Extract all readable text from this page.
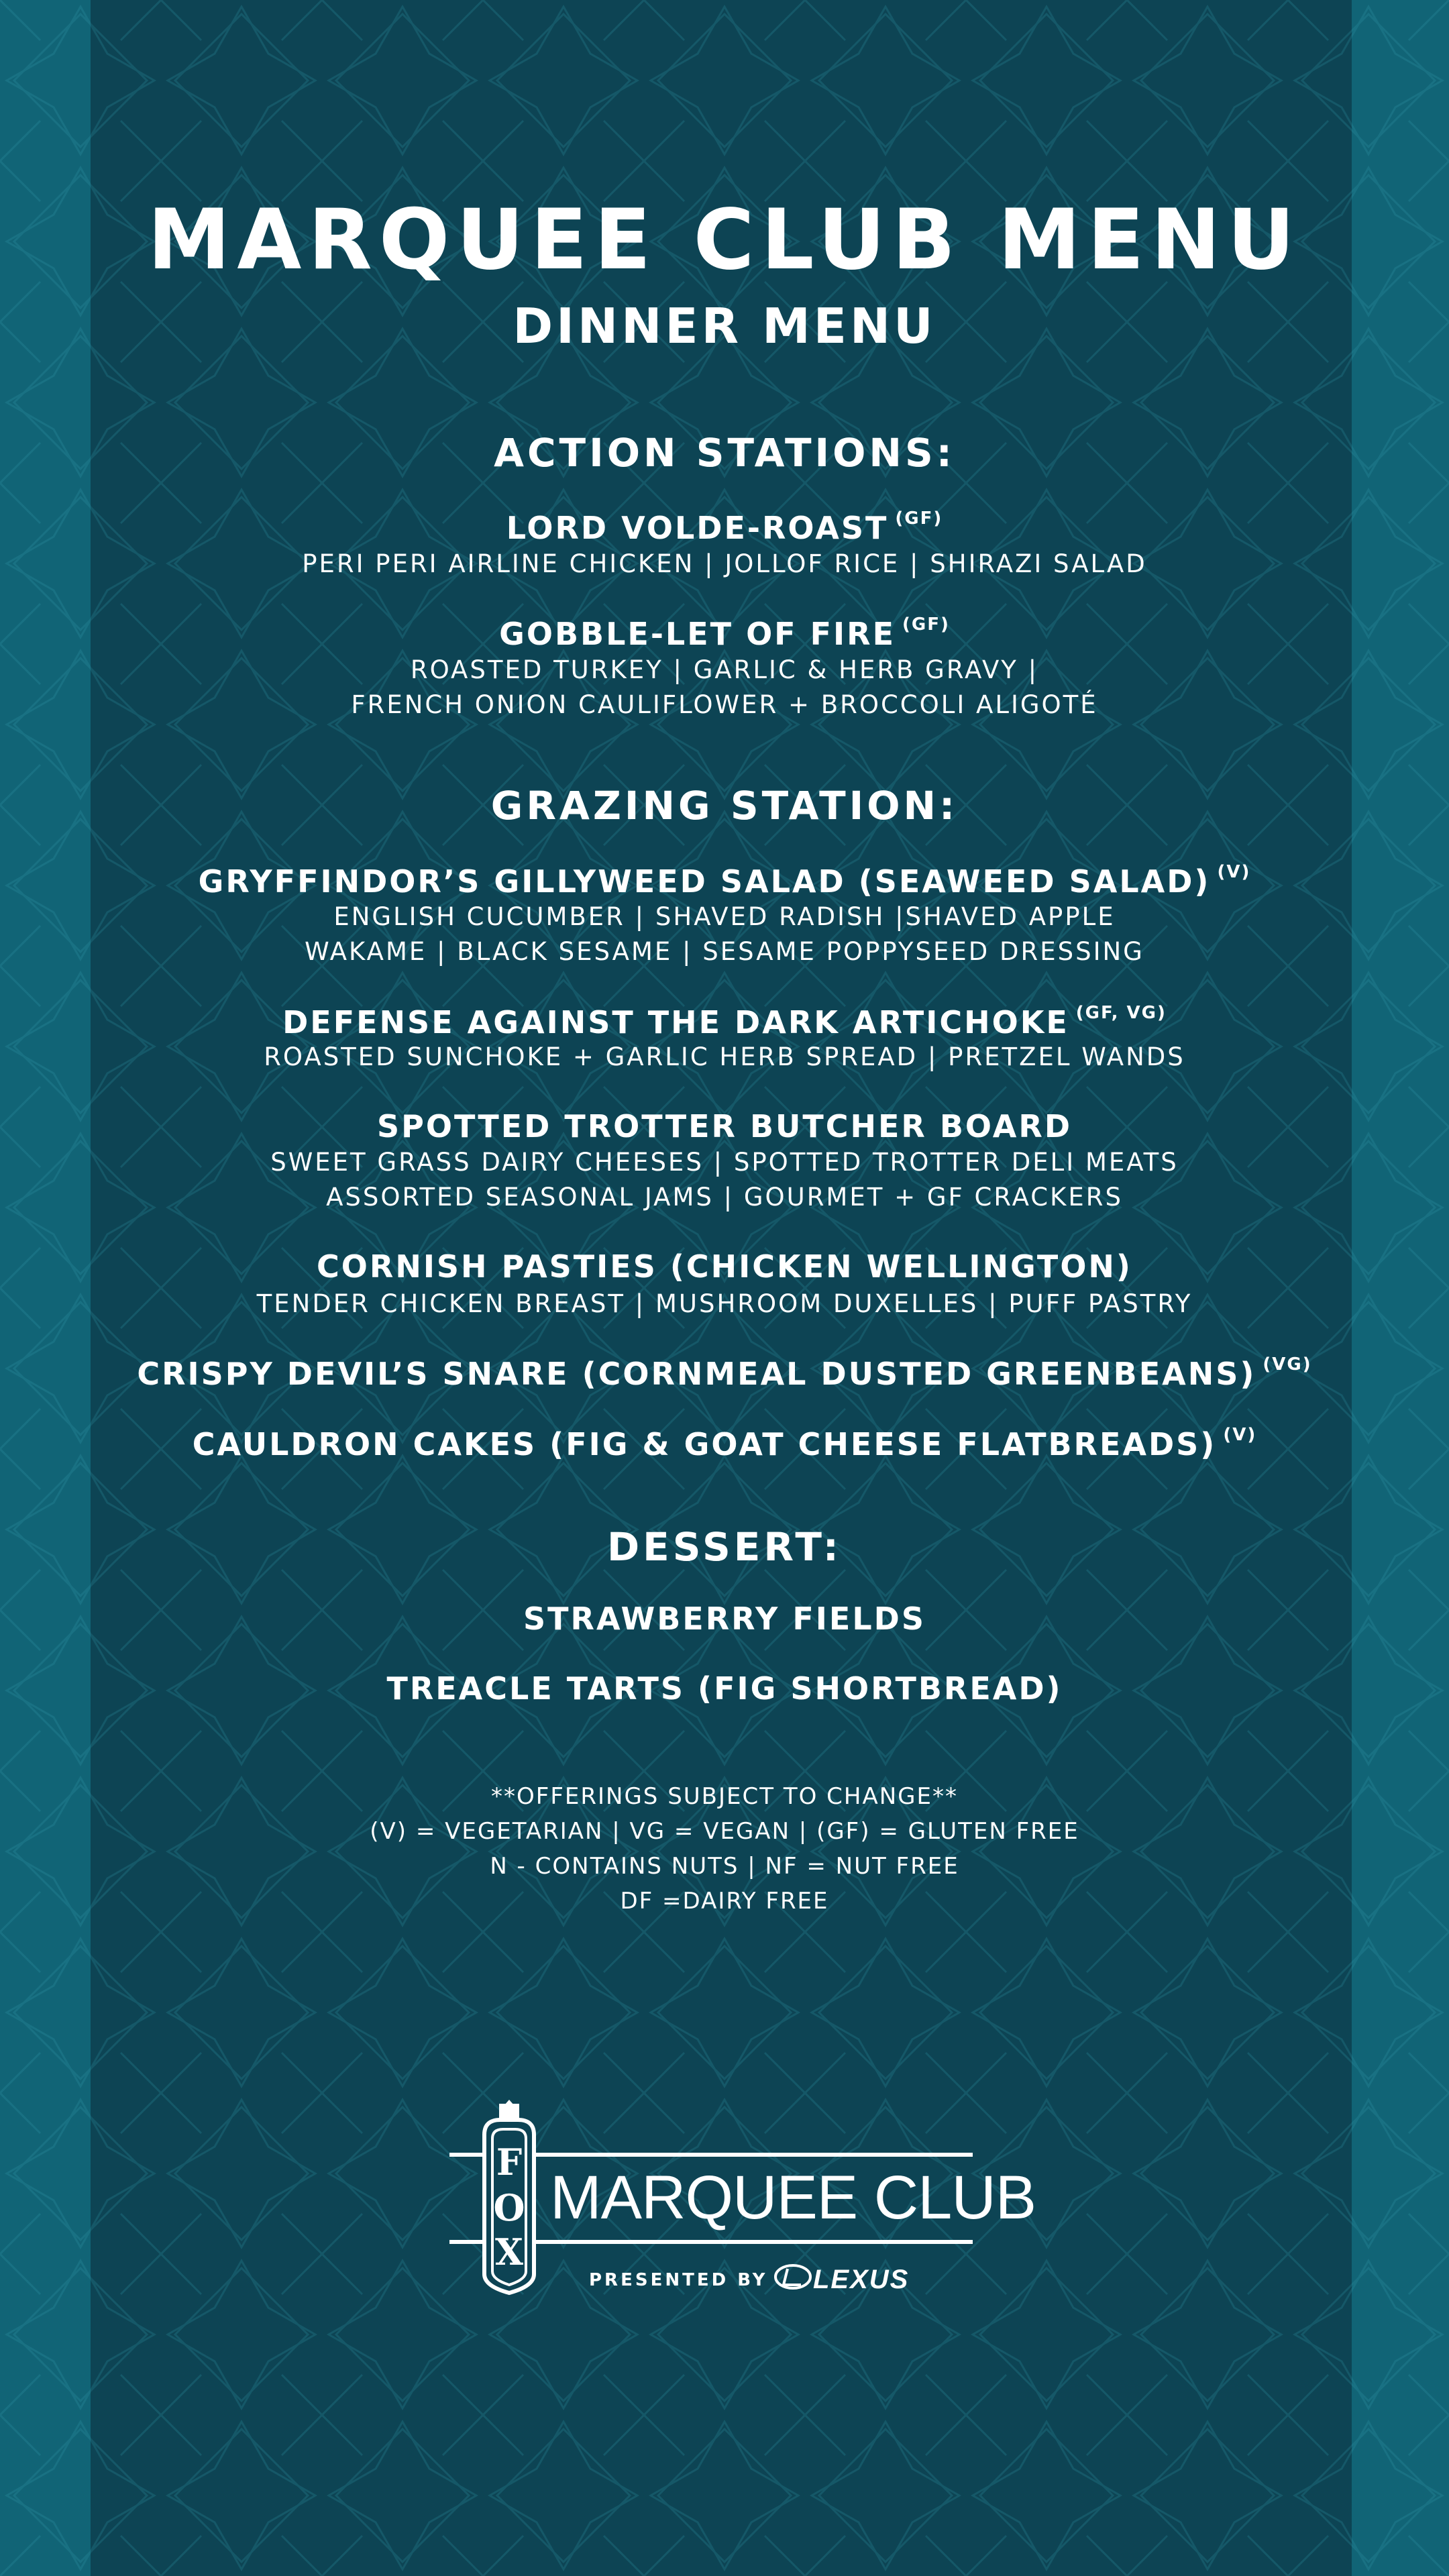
MARQUEE CLUB MENU
DINNER MENU
ACTION STATIONS:
LORD VOLDE-ROAST $^{(GF)}$
PERI PERI AIRLINE CHICKEN | JOLLOF RICE | SHIRAZI SALAD
GOBBLE-LET OF FIRE $^{(GF)}$
ROASTED TURKEY | GARLIC & HERB GRAVY |
FRENCH ONION CAULIFLOWER + BROCCOLI ALIGOTÉ
GRAZING STATION:
GRYFFINDOR’S GILLYWEED SALAD (SEAWEED SALAD) $^{(V)}$
ENGLISH CUCUMBER | SHAVED RADISH |SHAVED APPLE
WAKAME | BLACK SESAME | SESAME POPPYSEED DRESSING
DEFENSE AGAINST THE DARK ARTICHOKE $^{(GF, VG)}$
ROASTED SUNCHOKE + GARLIC HERB SPREAD | PRETZEL WANDS
SPOTTED TROTTER BUTCHER BOARD
SWEET GRASS DAIRY CHEESES | SPOTTED TROTTER DELI MEATS
ASSORTED SEASONAL JAMS | GOURMET + GF CRACKERS
CORNISH PASTIES (CHICKEN WELLINGTON)
TENDER CHICKEN BREAST | MUSHROOM DUXELLES | PUFF PASTRY
CRISPY DEVIL’S SNARE (CORNMEAL DUSTED GREENBEANS) $^{(VG)}$
CAULDRON CAKES (FIG & GOAT CHEESE FLATBREADS) $^{(V)}$
DESSERT:
STRAWBERRY FIELDS
TREACLE TARTS (FIG SHORTBREAD)
**OFFERINGS SUBJECT TO CHANGE**
(V) = VEGETARIAN | VG = VEGAN | (GF) = GLUTEN FREE
N - CONTAINS NUTS | NF = NUT FREE
DF =DAIRY FREE
F
O
X
MARQUEE CLUB
PRESENTED BY LEXUS
